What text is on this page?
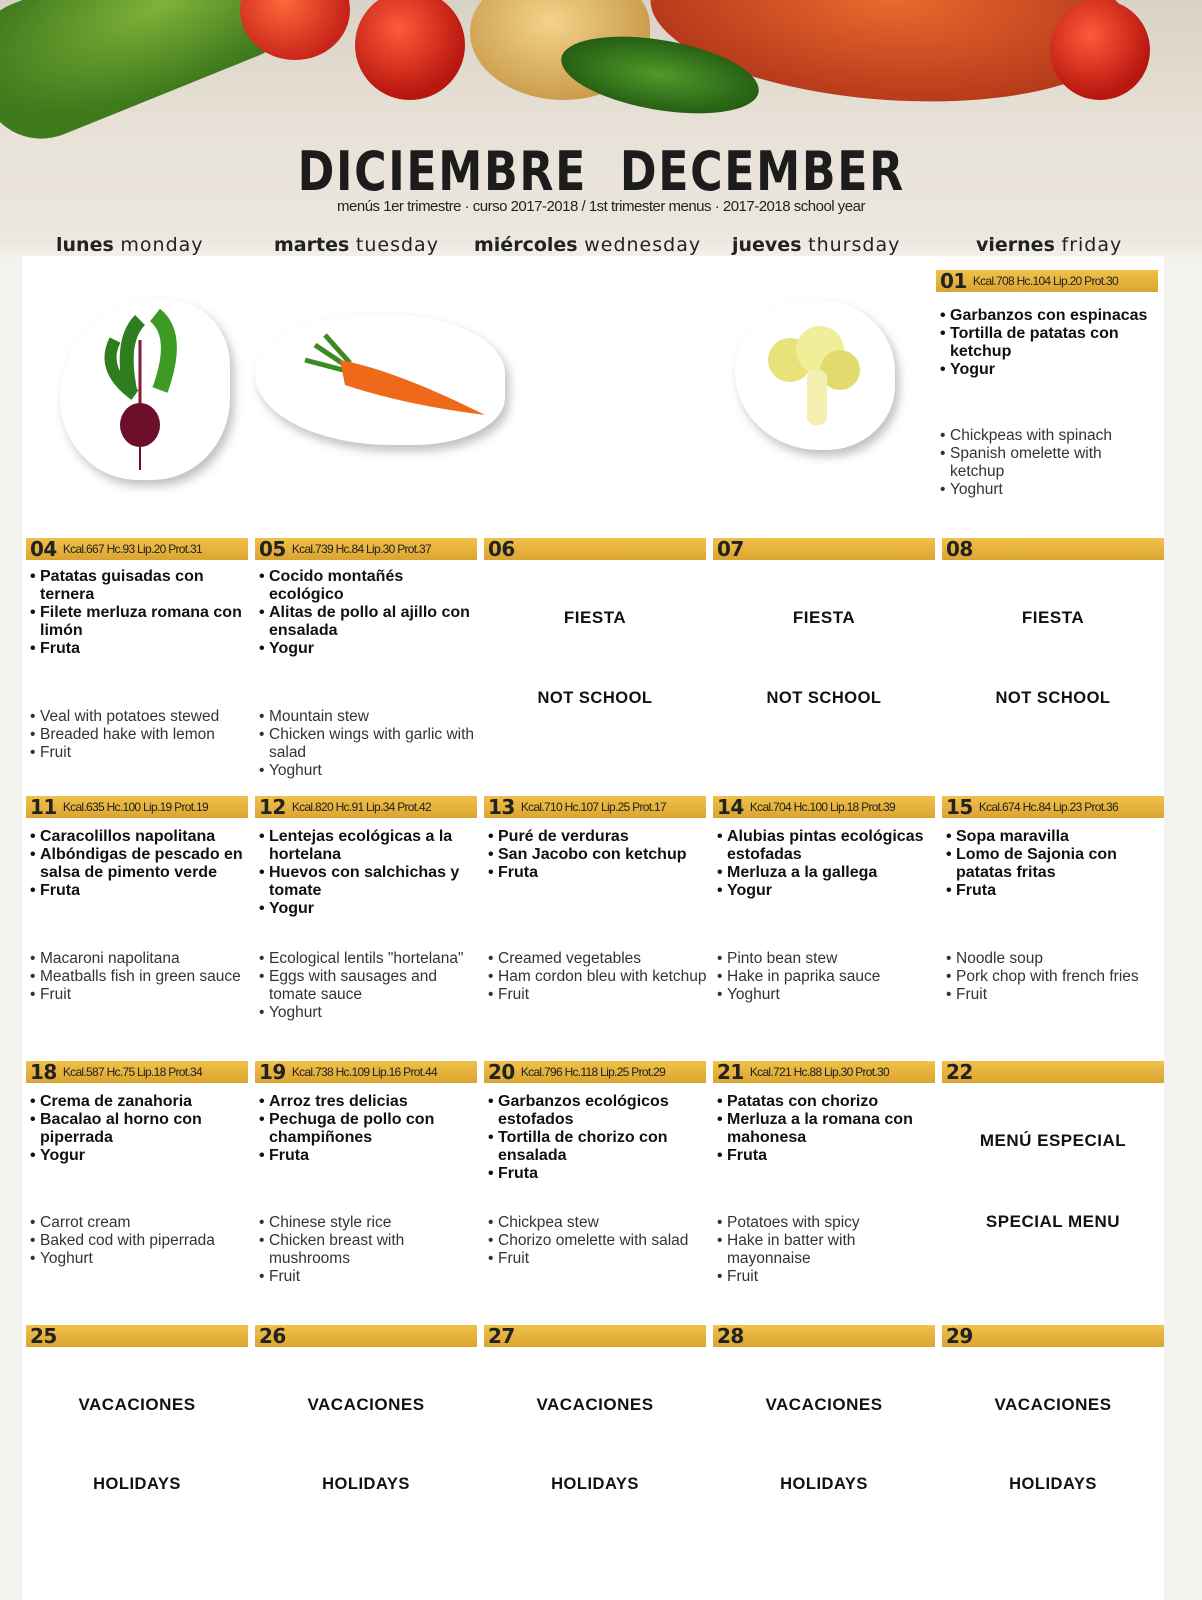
DICIEMBRE DECEMBER
menús 1er trimestre · curso 2017-2018 / 1st trimester menus · 2017-2018 school year
lunes monday	martes tuesday miércoles wednesday jueves thursday	viernes friday
01 Kcal.708 Hc.104 Lip.20 Prot.30
• Garbanzos con espinacas
• Tortilla de patatas con ketchup
• Yogur
• Chickpeas with spinach
• Spanish omelette with ketchup
• Yoghurt
04 Kcal.667 Hc.93 Lip.20 Prot.31
• Patatas guisadas con ternera
• Filete merluza romana con limón
• Fruta
• Veal with potatoes stewed
• Breaded hake with lemon
• Fruit
05 Kcal.739 Hc.84 Lip.30 Prot.37
• Cocido montañés ecológico
• Alitas de pollo al ajillo con ensalada
• Yogur
• Mountain stew
• Chicken wings with garlic with salad
• Yoghurt
06
FIESTA
NOT SCHOOL
07
FIESTA
NOT SCHOOL
08
FIESTA
NOT SCHOOL
11 Kcal.635 Hc.100 Lip.19 Prot.19
• Caracolillos napolitana
• Albóndigas de pescado en salsa de pimento verde
• Fruta
• Macaroni napolitana
• Meatballs fish in green sauce
• Fruit
12 Kcal.820 Hc.91 Lip.34 Prot.42
• Lentejas ecológicas a la hortelana
• Huevos con salchichas y tomate
• Yogur
• Ecological lentils "hortelana"
• Eggs with sausages and tomate sauce
• Yoghurt
13 Kcal.710 Hc.107 Lip.25 Prot.17
• Puré de verduras
• San Jacobo con ketchup
• Fruta
• Creamed vegetables
• Ham cordon bleu with ketchup
• Fruit
14 Kcal.704 Hc.100 Lip.18 Prot.39
• Alubias pintas ecológicas estofadas
• Merluza a la gallega
• Yogur
• Pinto bean stew
• Hake in paprika sauce
• Yoghurt
15 Kcal.674 Hc.84 Lip.23 Prot.36
• Sopa maravilla
• Lomo de Sajonia con patatas fritas
• Fruta
• Noodle soup
• Pork chop with french fries
• Fruit
18 Kcal.587 Hc.75 Lip.18 Prot.34
• Crema de zanahoria
• Bacalao al horno con piperrada
• Yogur
• Carrot cream
• Baked cod with piperrada
• Yoghurt
19 Kcal.738 Hc.109 Lip.16 Prot.44
• Arroz tres delicias
• Pechuga de pollo con champiñones
• Fruta
• Chinese style rice
• Chicken breast with mushrooms
• Fruit
20 Kcal.796 Hc.118 Lip.25 Prot.29
• Garbanzos ecológicos estofados
• Tortilla de chorizo con ensalada
• Fruta
• Chickpea stew
• Chorizo omelette with salad
• Fruit
21 Kcal.721 Hc.88 Lip.30 Prot.30
• Patatas con chorizo
• Merluza a la romana con mahonesa
• Fruta
• Potatoes with spicy
• Hake in batter with mayonnaise
• Fruit
22
MENÚ ESPECIAL
SPECIAL MENU
25
VACACIONES
HOLIDAYS
26
VACACIONES
HOLIDAYS
27
VACACIONES
HOLIDAYS
28
VACACIONES
HOLIDAYS
29
VACACIONES
HOLIDAYS
